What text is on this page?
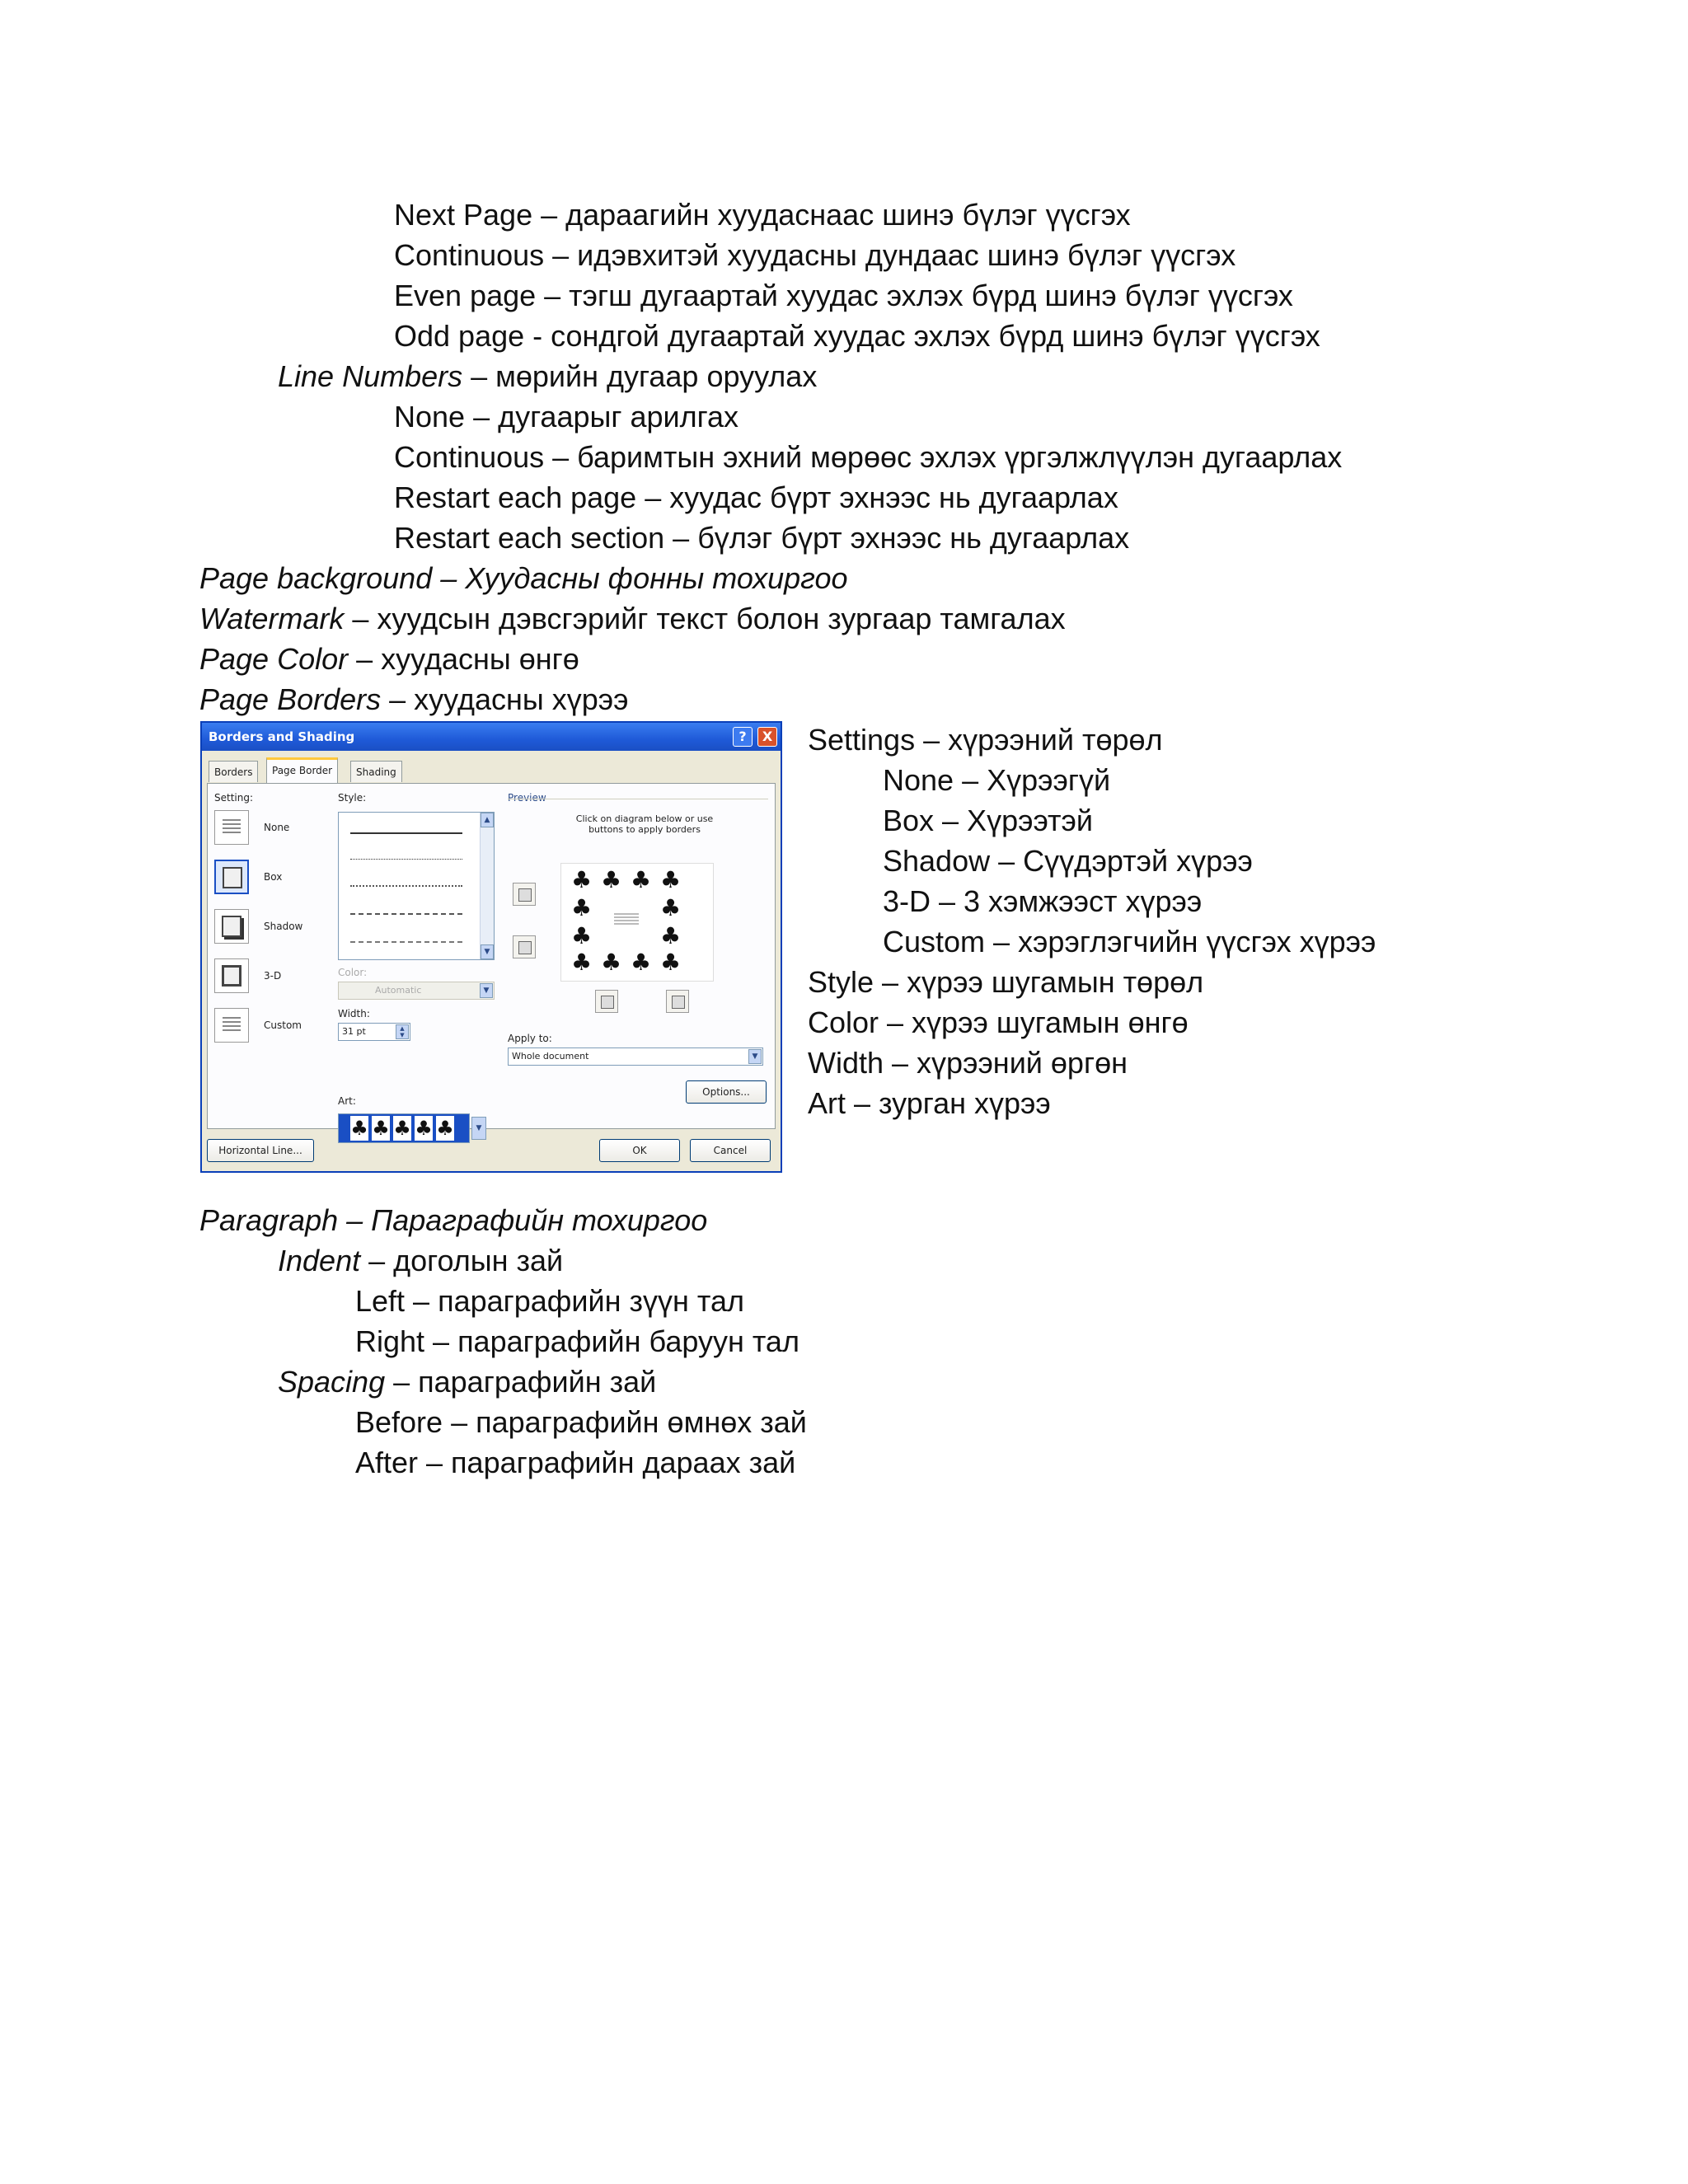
Next Page – дараагийн хуудаснаас шинэ бүлэг үүсгэх
Continuous – идэвхитэй хуудасны дундаас шинэ бүлэг үүсгэх
Even page – тэгш дугаартай хуудас эхлэх бүрд шинэ бүлэг үүсгэх
Odd page - сондгой дугаартай хуудас эхлэх бүрд шинэ бүлэг үүсгэх
Line Numbers – мөрийн дугаар оруулах
None – дугаарыг арилгах
Continuous – баримтын эхний мөрөөс эхлэх үргэлжлүүлэн дугаарлах
Restart each page – хуудас бүрт эхнээс нь дугаарлах
Restart each section – бүлэг бүрт эхнээс нь дугаарлах
Page background – Хуудасны фонны тохиргоо
Watermark – хуудсын дэвсгэрийг текст болон зургаар тамгалах
Page Color – хуудасны өнгө
Page Borders – хуудасны хүрээ
Settings – хүрээний төрөл
None – Хүрээгүй
Box – Хүрээтэй
Shadow – Сүүдэртэй хүрээ
3-D – 3 хэмжээст хүрээ
Custom – хэрэглэгчийн үүсгэх хүрээ
Style – хүрээ шугамын төрөл
Color – хүрээ шугамын өнгө
Width – хүрээний өргөн
Art – зурган хүрээ
Paragraph – Параграфийн тохиргоо
Indent – доголын зай
Left – параграфийн зүүн тал
Right – параграфийн баруун тал
Spacing – параграфийн зай
Before – параграфийн өмнөх зай
After – параграфийн дараах зай
Borders and Shading	?	X
Borders	Page Border	Shading
Setting:
None
Box
Shadow
3-D
Custom
Style:
▲
▼
Color:
Automatic	▼
Width:
31 pt	▲
▼
Art:
♣ ♣ ♣ ♣ ♣	▼
Preview
Click on diagram below or use buttons to apply borders
♣ ♣ ♣ ♣
♣	♣
♣	♣
♣ ♣ ♣ ♣
Apply to:
Whole document	▼
Options...
Horizontal Line...	OK	Cancel
